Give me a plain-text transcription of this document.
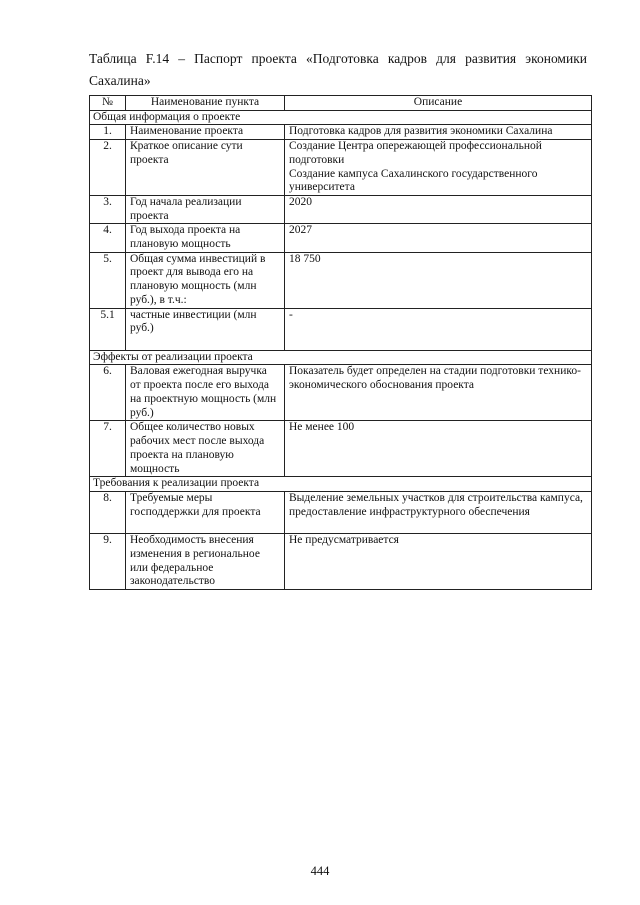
Таблица F.14 – Паспорт проекта «Подготовка кадров для развития экономики Сахалина»
№	Наименование пункта	Описание
Общая информация о проекте		
1.	Наименование проекта	Подготовка кадров для развития экономики Сахалина

2.	Краткое описание сути проекта	Создание Центра опережающей профессиональной подготовки
Создание кампуса Сахалинского государственного университета

3.	Год начала реализации проекта	2020

4.	Год выхода проекта на плановую мощность	2027

5.	Общая сумма инвестиций в проект для вывода его на плановую мощность (млн руб.), в т.ч.:	18 750

5.1	частные инвестиции (млн руб.)	-

Эффекты от реализации проекта		
6.	Валовая ежегодная выручка от проекта после его выхода на проектную мощность (млн руб.)	Показатель будет определен на стадии подготовки технико-экономического обоснования проекта

7.	Общее количество новых рабочих мест после выхода проекта на плановую мощность	Не менее 100

Требования к реализации проекта		
8.	Требуемые меры господдержки для проекта	Выделение земельных участков для строительства кампуса, предоставление инфраструктурного обеспечения

9.	Необходимость внесения изменения в региональное или федеральное законодательство	Не предусматривается
444
